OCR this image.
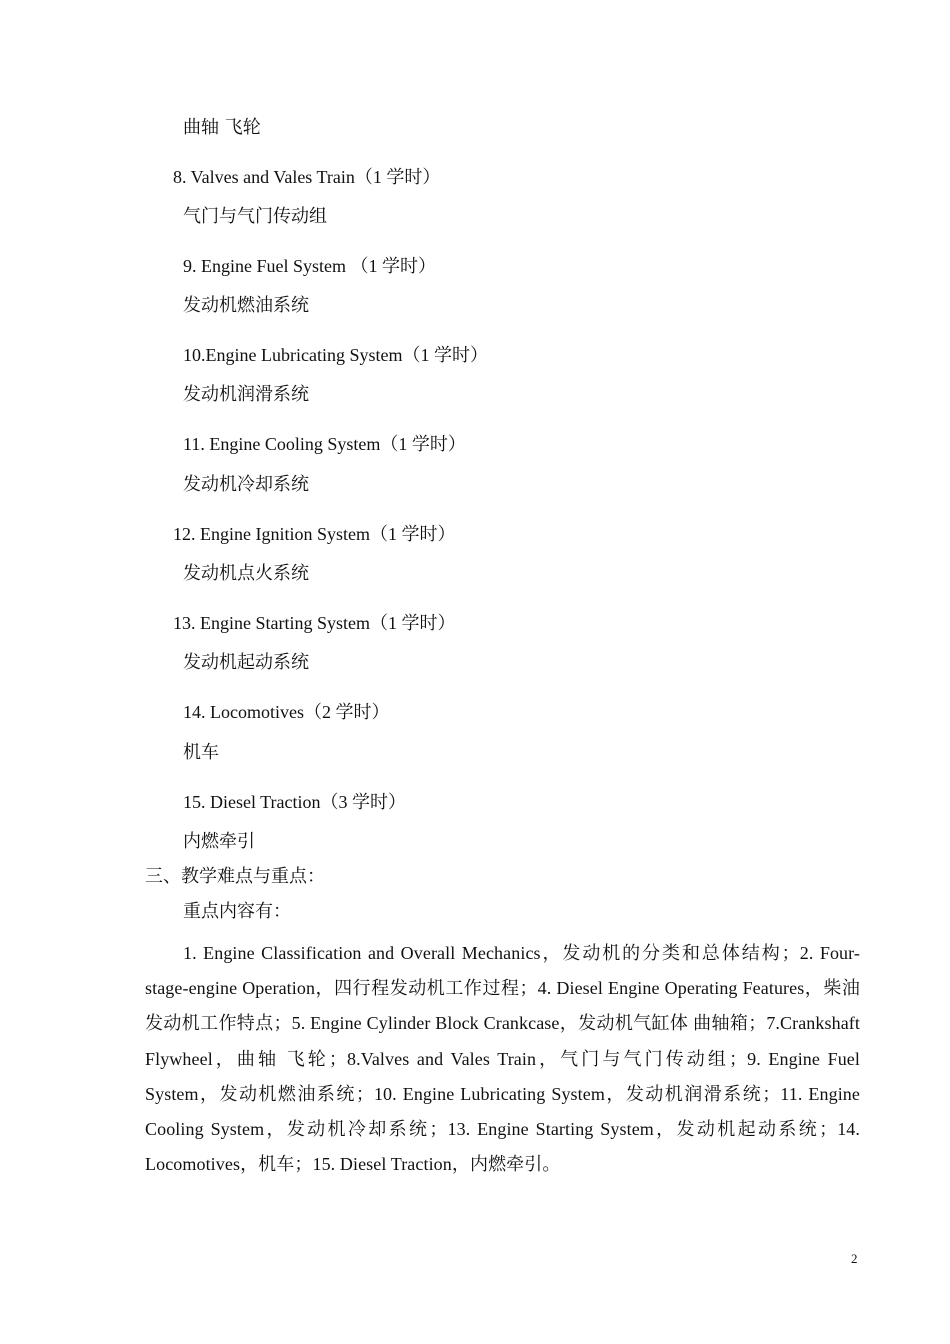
曲轴 飞轮
8. Valves and Vales Train（1 学时）
气门与气门传动组
9. Engine Fuel System （1 学时）
发动机燃油系统
10.Engine Lubricating System（1 学时）
发动机润滑系统
11. Engine Cooling System（1 学时）
发动机冷却系统
12. Engine Ignition System（1 学时）
发动机点火系统
13. Engine Starting System（1 学时）
发动机起动系统
14. Locomotives（2 学时）
机车
15. Diesel Traction（3 学时）
内燃牵引
三、教学难点与重点：
重点内容有：
1. Engine Classification and Overall Mechanics，发动机的分类和总体结构；2. Four-stage-engine Operation，四行程发动机工作过程；4. Diesel Engine Operating Features，柴油发动机工作特点；5. Engine Cylinder Block Crankcase，发动机气缸体 曲轴箱；7.Crankshaft Flywheel，曲轴 飞轮；8.Valves and Vales Train，气门与气门传动组；9. Engine Fuel System，发动机燃油系统；10. Engine Lubricating System，发动机润滑系统；11. Engine Cooling System，发动机冷却系统；13. Engine Starting System，发动机起动系统；14. Locomotives，机车；15. Diesel Traction，内燃牵引。
2
